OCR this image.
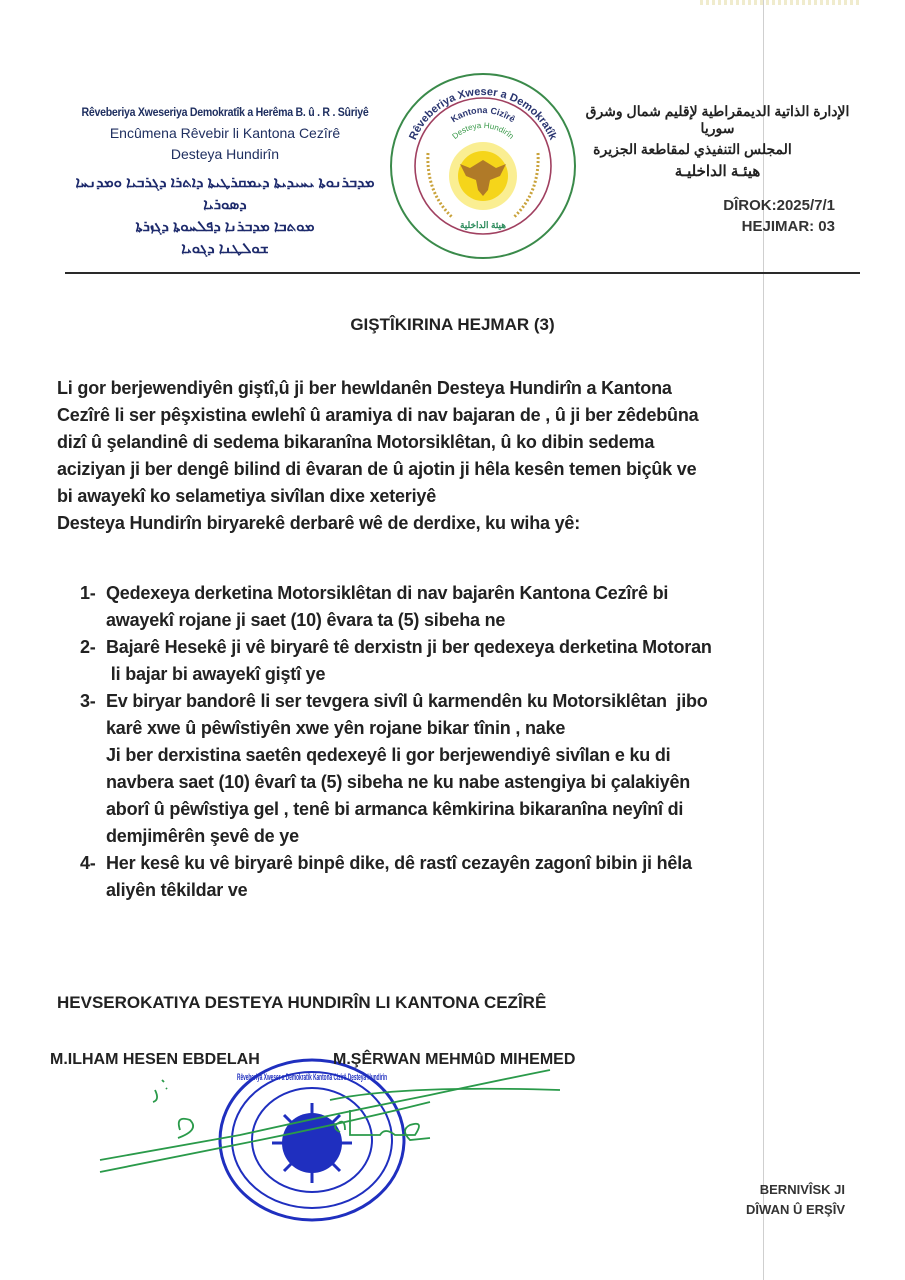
Rêveberiya Xweseriya Demokratîk a Herêma B. û . R . Sûriyê
Encûmena Rêvebir li Kantona Cezîrê
Desteya Hundirîn
ܡܕܒܪܢܘܬܐ ܝܚܝܕܝܬܐ ܕܝܡܩܪܛܝܬܐ ܕܐܬܪܐ ܕܓܪܒܝܐ ܘܡܕܢܚܐ ܕܣܘܪܝܐ
ܡܘܬܒܐ ܡܕܒܪܢܐ ܕܦܠܚܘܬܐ ܕܓܙܪܬܐ
ܫܘܠܛܢܐ ܕܓܘܝܐ
Rêveberiya Xweser a Demokratîk
Kantona Cizîrê
Desteya Hundirîn
هيئة الداخلية
الإدارة الذاتية الديمقراطية لإقليم شمال وشرق سوريا
المجلس التنفيذي لمقاطعة الجزيرة
هيئـة الداخليـة
DÎROK:2025/7/1
HEJIMAR: 03
GIŞTÎKIRINA HEJMAR (3)

Li gor berjewendiyên giştî,û ji ber hewldanên Desteya Hundirîn a Kantona

Cezîrê li ser pêşxistina ewlehî û aramiya di nav bajaran de , û ji ber zêdebûna

dizî û şelandinê di sedema bikaranîna Motorsiklêtan, û ko dibin sedema

aciziyan ji ber dengê bilind di êvaran de û ajotin ji hêla kesên temen biçûk ve

bi awayekî ko selametiya sivîlan dixe xeteriyê

Desteya Hundirîn biryarekê derbarê wê de derdixe, ku wiha yê:

1- Qedexeya derketina Motorsiklêtan di nav bajarên Kantona Cezîrê bi
awayekî rojane ji saet (10) êvara ta (5) sibeha ne
2- Bajarê Hesekê ji vê biryarê tê derxistn ji ber qedexeya derketina Motoran
li bajar bi awayekî giştî ye
3- Ev biryar bandorê li ser tevgera sivîl û karmendên ku Motorsiklêtan  jibo
karê xwe û pêwîstiyên xwe yên rojane bikar tînin , nake
Ji ber derxistina saetên qedexeyê li gor berjewendiyê sivîlan e ku di
navbera saet (10) êvarî ta (5) sibeha ne ku nabe astengiya bi çalakiyên
aborî û pêwîstiya gel , tenê bi armanca kêmkirina bikaranîna neyînî di
demjimêrên şevê de ye
4- Her kesê ku vê biryarê binpê dike, dê rastî cezayên zagonî bibin ji hêla
aliyên têkildar ve
HEVSEROKATIYA DESTEYA HUNDIRÎN LI KANTONA CEZÎRÊ
Rêveberiya Xweser a Demokratîk Kantona Cizîrê Desteya Hundirîn
M.ILHAM HESEN EBDELAH	M.ŞÊRWAN MEHMûD MIHEMED
BERNIVÎSK JI
DÎWAN Û ERŞÎV
